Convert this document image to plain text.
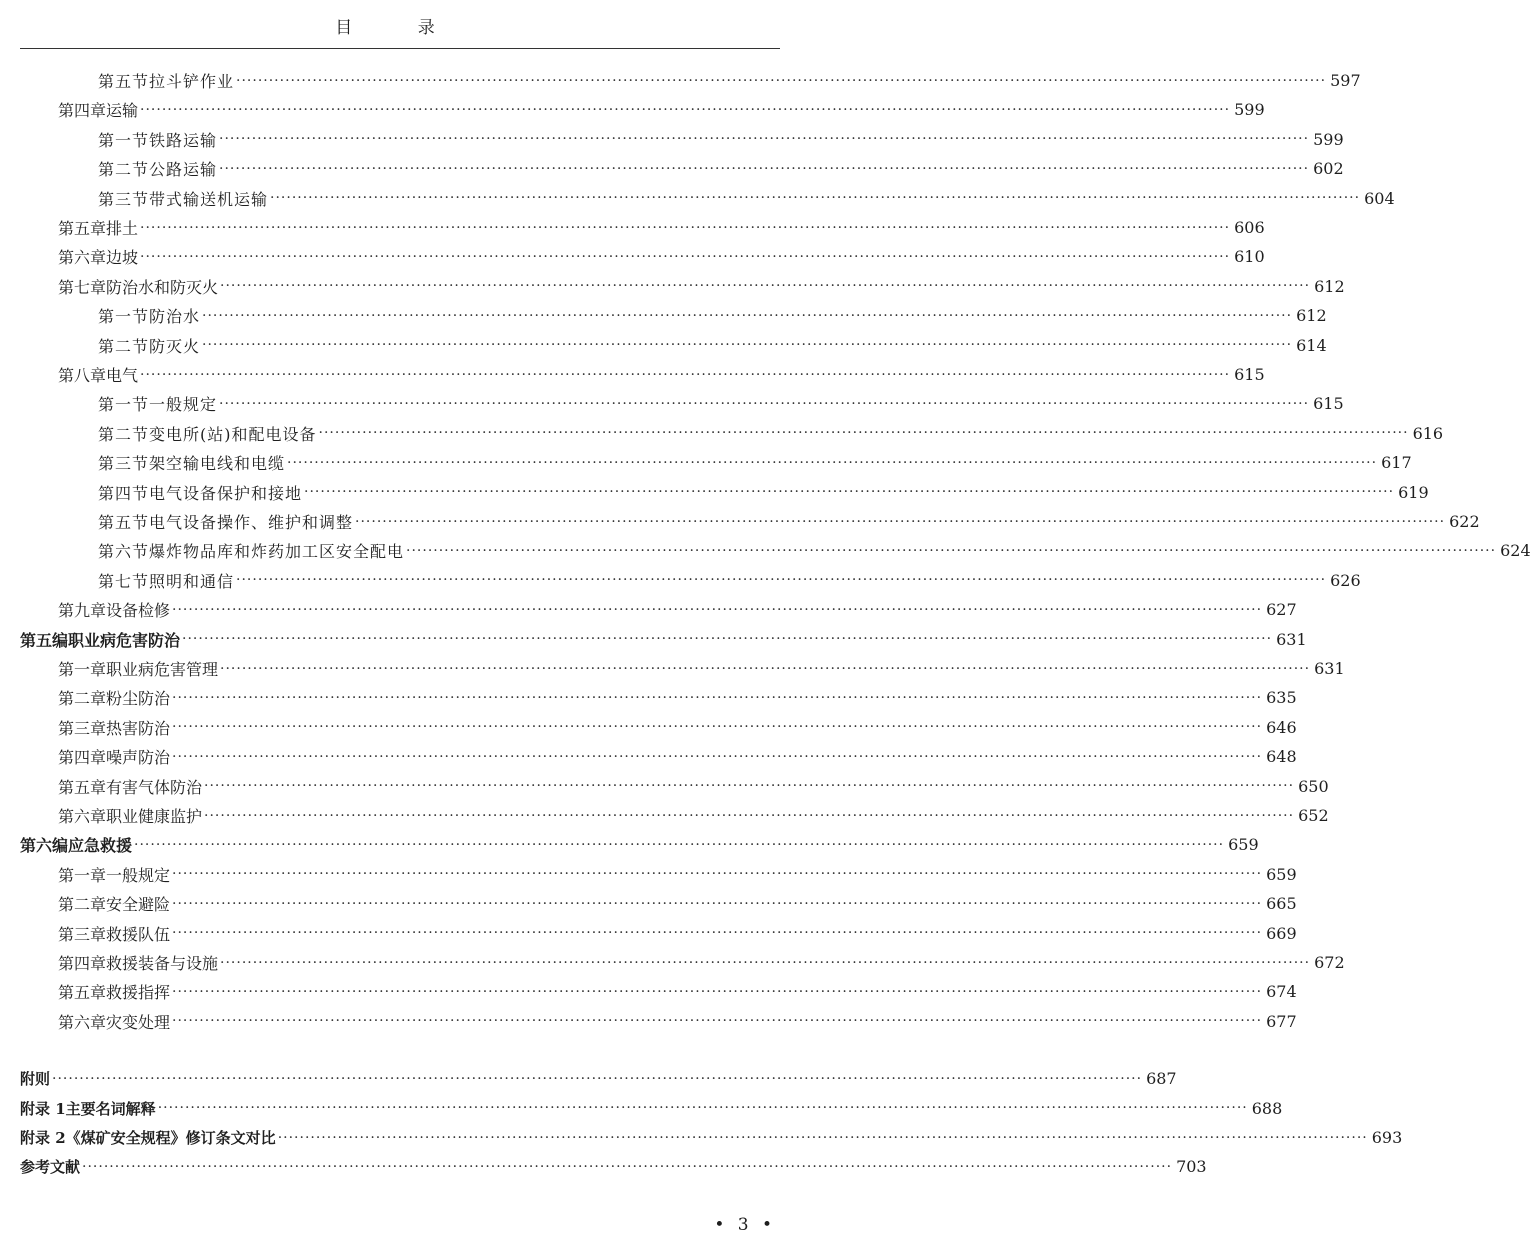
目 录
第五节 拉斗铲作业 ········································································································································································································ 597
第四章 运输 ········································································································································································································ 599
第一节 铁路运输 ········································································································································································································ 599
第二节 公路运输 ········································································································································································································ 602
第三节 带式输送机运输 ········································································································································································································ 604
第五章 排土 ········································································································································································································ 606
第六章 边坡 ········································································································································································································ 610
第七章 防治水和防灭火 ········································································································································································································ 612
第一节 防治水 ········································································································································································································ 612
第二节 防灭火 ········································································································································································································ 614
第八章 电气 ········································································································································································································ 615
第一节 一般规定 ········································································································································································································ 615
第二节 变电所(站)和配电设备 ········································································································································································································ 616
第三节 架空输电线和电缆 ········································································································································································································ 617
第四节 电气设备保护和接地 ········································································································································································································ 619
第五节 电气设备操作、维护和调整 ········································································································································································································ 622
第六节 爆炸物品库和炸药加工区安全配电 ········································································································································································································ 624
第七节 照明和通信 ········································································································································································································ 626
第九章 设备检修 ········································································································································································································ 627
第五编 职业病危害防治 ········································································································································································································ 631
第一章 职业病危害管理 ········································································································································································································ 631
第二章 粉尘防治 ········································································································································································································ 635
第三章 热害防治 ········································································································································································································ 646
第四章 噪声防治 ········································································································································································································ 648
第五章 有害气体防治 ········································································································································································································ 650
第六章 职业健康监护 ········································································································································································································ 652
第六编 应急救援 ········································································································································································································ 659
第一章 一般规定 ········································································································································································································ 659
第二章 安全避险 ········································································································································································································ 665
第三章 救援队伍 ········································································································································································································ 669
第四章 救援装备与设施 ········································································································································································································ 672
第五章 救援指挥 ········································································································································································································ 674
第六章 灾变处理 ········································································································································································································ 677
附则 ········································································································································································································ 687
附录 1 主要名词解释 ········································································································································································································ 688
附录 2 《煤矿安全规程》修订条文对比 ········································································································································································································ 693
参考文献 ········································································································································································································ 703
• 3 •
